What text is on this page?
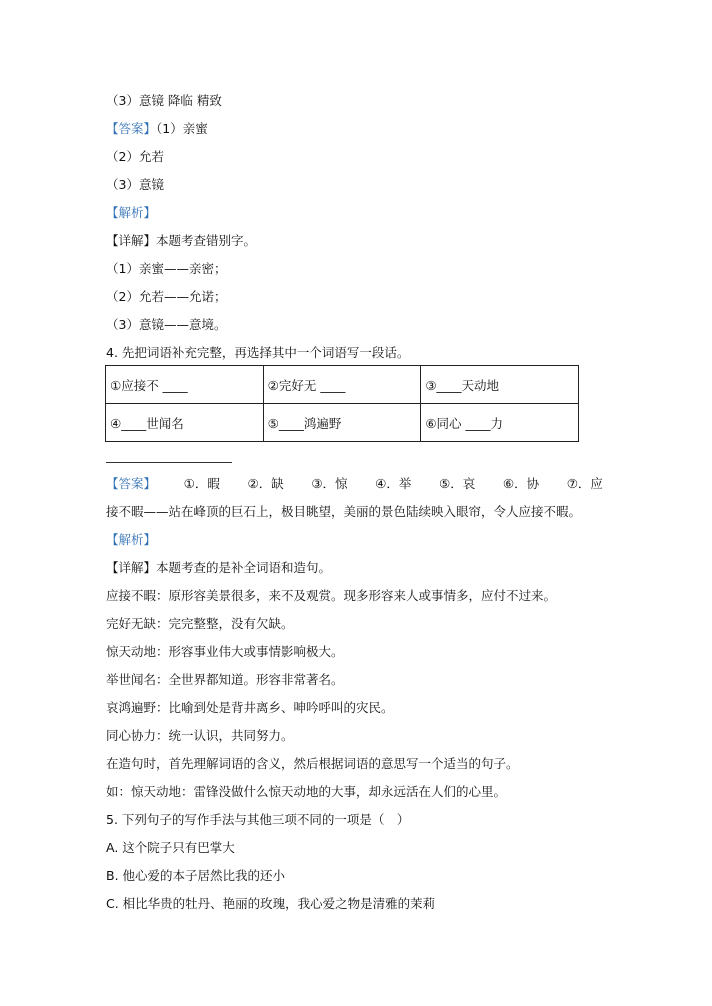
（3）意镜 降临 精致
【答案】（1）亲蜜
（2）允若
（3）意镜
【解析】
【详解】本题考查错别字。
（1）亲蜜——亲密；
（2）允若——允诺；
（3）意镜——意境。
4. 先把词语补充完整，再选择其中一个词语写一段话。
①应接不 ____	②完好无 ____	③____天动地
④____世闻名	⑤____鸿遍野	⑥同心 ____力
【答案】 ①．暇 ②．缺 ③．惊 ④．举 ⑤．哀 ⑥．协 ⑦．应
接不暇——站在峰顶的巨石上，极目眺望，美丽的景色陆续映入眼帘，令人应接不暇。
【解析】
【详解】本题考查的是补全词语和造句。
应接不暇：原形容美景很多，来不及观赏。现多形容来人或事情多，应付不过来。
完好无缺：完完整整，没有欠缺。
惊天动地：形容事业伟大或事情影响极大。
举世闻名：全世界都知道。形容非常著名。
哀鸿遍野：比喻到处是背井离乡、呻吟呼叫的灾民。
同心协力：统一认识，共同努力。
在造句时，首先理解词语的含义，然后根据词语的意思写一个适当的句子。
如：惊天动地：雷锋没做什么惊天动地的大事，却永远活在人们的心里。
5. 下列句子的写作手法与其他三项不同的一项是（　）
A. 这个院子只有巴掌大
B. 他心爱的本子居然比我的还小
C. 相比华贵的牡丹、艳丽的玫瑰，我心爱之物是清雅的茉莉
